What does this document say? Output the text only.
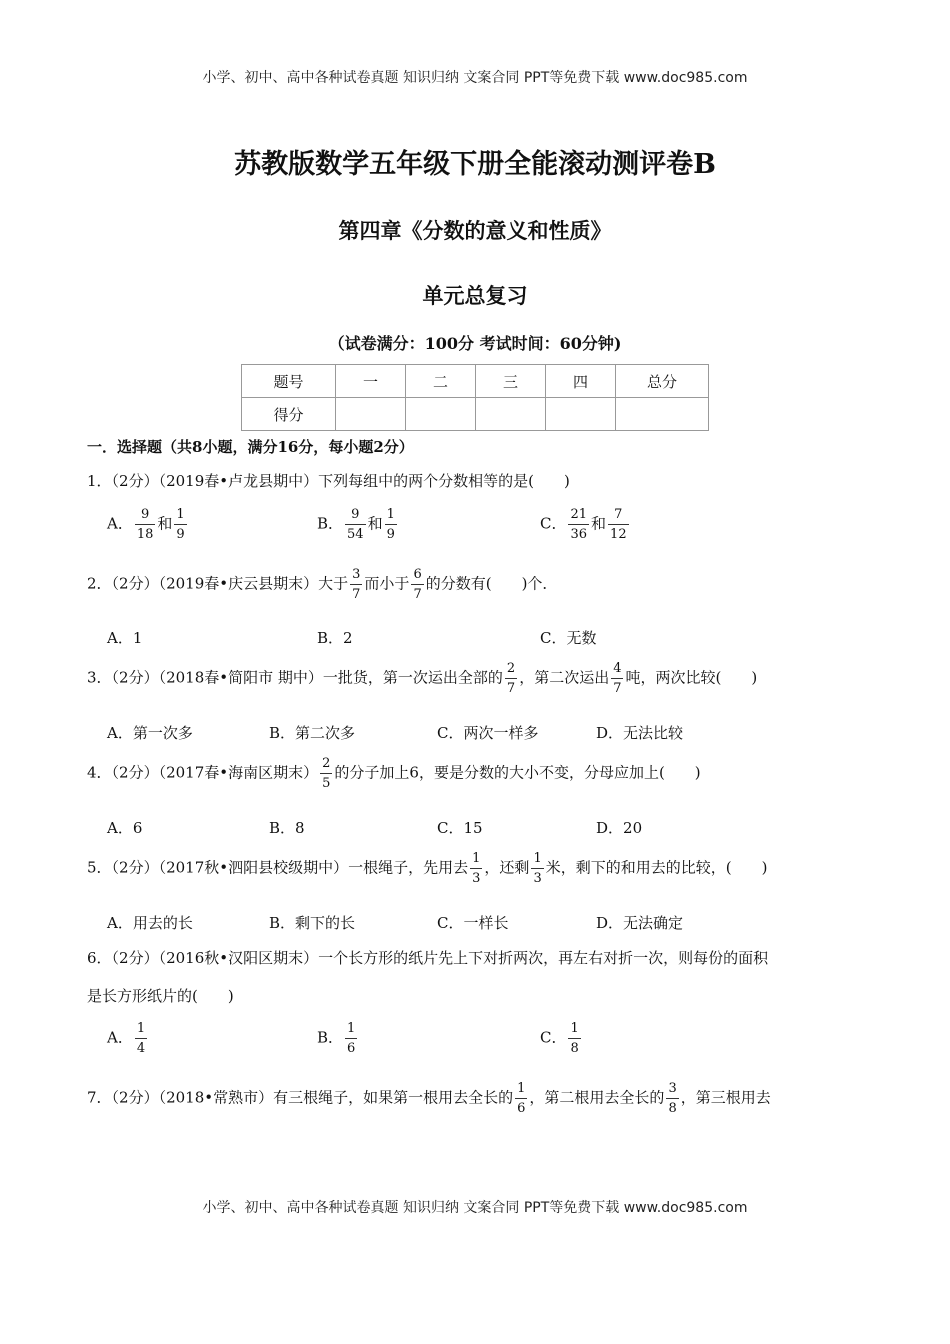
小学、初中、高中各种试卷真题 知识归纳 文案合同 PPT等免费下载 www.doc985.com
苏教版数学五年级下册全能滚动测评卷B
第四章《分数的意义和性质》
单元总复习
（试卷满分：100分 考试时间：60分钟)
题号	一	二	三	四	总分
得分					
一．选择题（共8小题，满分16分，每小题2分）
1．（2分）（2019春•卢龙县期中）下列每组中的两个分数相等的是(　　)
A． $\frac{9}{18}$ 和 $\frac{1}{9}$	B． $\frac{9}{54}$ 和 $\frac{1}{9}$	C． $\frac{21}{36}$ 和 $\frac{7}{12}$
2．（2分）（2019春•庆云县期末）大于 $\frac{3}{7}$ 而小于 $\frac{6}{7}$ 的分数有(　　)个．
A．1	B．2	C．无数
3．（2分）（2018春•简阳市 期中）一批货，第一次运出全部的 $\frac{2}{7}$ ，第二次运出 $\frac{4}{7}$ 吨，两次比较(　　)
A．第一次多	B．第二次多	C．两次一样多	D．无法比较
4．（2分）（2017春•海南区期末） $\frac{2}{5}$ 的分子加上6，要是分数的大小不变，分母应加上(　　)
A．6	B．8	C．15	D．20
5．（2分）（2017秋•泗阳县校级期中）一根绳子，先用去 $\frac{1}{3}$ ，还剩 $\frac{1}{3}$ 米，剩下的和用去的比较，(　　)
A．用去的长	B．剩下的长	C．一样长	D．无法确定
6．（2分）（2016秋•汉阳区期末）一个长方形的纸片先上下对折两次，再左右对折一次，则每份的面积
是长方形纸片的(　　)
A． $\frac{1}{4}$	B． $\frac{1}{6}$	C． $\frac{1}{8}$
7．（2分）（2018•常熟市）有三根绳子，如果第一根用去全长的 $\frac{1}{6}$ ，第二根用去全长的 $\frac{3}{8}$ ，第三根用去
小学、初中、高中各种试卷真题 知识归纳 文案合同 PPT等免费下载 www.doc985.com
